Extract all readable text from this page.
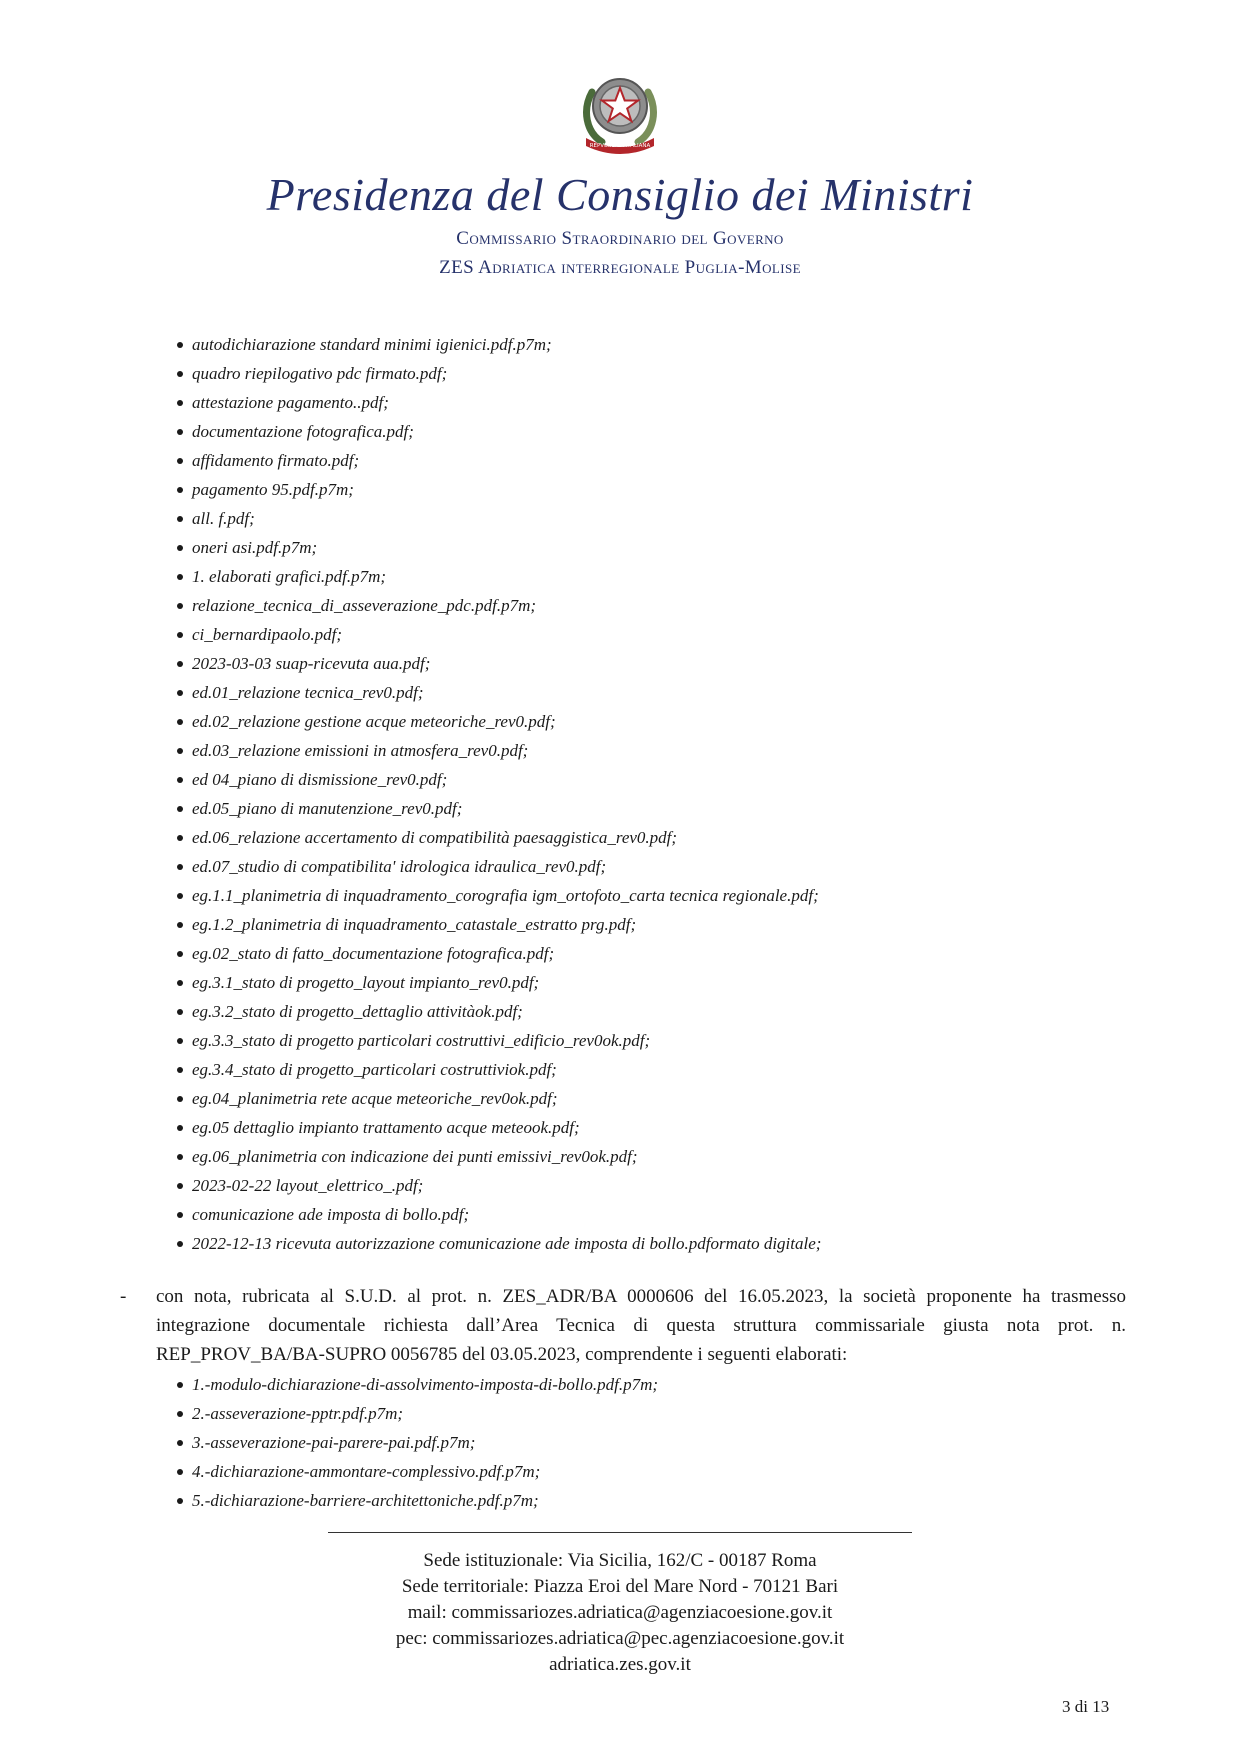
REPVBBLICA ITALIANA
Presidenza del Consiglio dei Ministri
Commissario Straordinario del Governo
ZES Adriatica interregionale Puglia-Molise
autodichiarazione standard minimi igienici.pdf.p7m;
quadro riepilogativo pdc firmato.pdf;
attestazione pagamento..pdf;
documentazione fotografica.pdf;
affidamento firmato.pdf;
pagamento 95.pdf.p7m;
all. f.pdf;
oneri asi.pdf.p7m;
1. elaborati grafici.pdf.p7m;
relazione_tecnica_di_asseverazione_pdc.pdf.p7m;
ci_bernardipaolo.pdf;
2023-03-03 suap-ricevuta aua.pdf;
ed.01_relazione tecnica_rev0.pdf;
ed.02_relazione gestione acque meteoriche_rev0.pdf;
ed.03_relazione emissioni in atmosfera_rev0.pdf;
ed 04_piano di dismissione_rev0.pdf;
ed.05_piano di manutenzione_rev0.pdf;
ed.06_relazione accertamento di compatibilità paesaggistica_rev0.pdf;
ed.07_studio di compatibilita' idrologica idraulica_rev0.pdf;
eg.1.1_planimetria di inquadramento_corografia igm_ortofoto_carta tecnica regionale.pdf;
eg.1.2_planimetria di inquadramento_catastale_estratto prg.pdf;
eg.02_stato di fatto_documentazione fotografica.pdf;
eg.3.1_stato di progetto_layout impianto_rev0.pdf;
eg.3.2_stato di progetto_dettaglio attivitàok.pdf;
eg.3.3_stato di progetto particolari costruttivi_edificio_rev0ok.pdf;
eg.3.4_stato di progetto_particolari costruttiviok.pdf;
eg.04_planimetria rete acque meteoriche_rev0ok.pdf;
eg.05 dettaglio impianto trattamento acque meteook.pdf;
eg.06_planimetria con indicazione dei punti emissivi_rev0ok.pdf;
2023-02-22 layout_elettrico_.pdf;
comunicazione ade imposta di bollo.pdf;
2022-12-13 ricevuta autorizzazione comunicazione ade imposta di bollo.pdformato digitale;
- con nota, rubricata al S.U.D. al prot. n. ZES_ADR/BA 0000606 del 16.05.2023, la società proponente ha trasmesso integrazione documentale richiesta dall’Area Tecnica di questa struttura commissariale giusta nota prot. n. REP_PROV_BA/BA-SUPRO 0056785 del 03.05.2023, comprendente i seguenti elaborati:
1.-modulo-dichiarazione-di-assolvimento-imposta-di-bollo.pdf.p7m;
2.-asseverazione-pptr.pdf.p7m;
3.-asseverazione-pai-parere-pai.pdf.p7m;
4.-dichiarazione-ammontare-complessivo.pdf.p7m;
5.-dichiarazione-barriere-architettoniche.pdf.p7m;
Sede istituzionale: Via Sicilia, 162/C - 00187 Roma
Sede territoriale: Piazza Eroi del Mare Nord - 70121 Bari
mail: commissariozes.adriatica@agenziacoesione.gov.it
pec: commissariozes.adriatica@pec.agenziacoesione.gov.it
adriatica.zes.gov.it
3 di 13
